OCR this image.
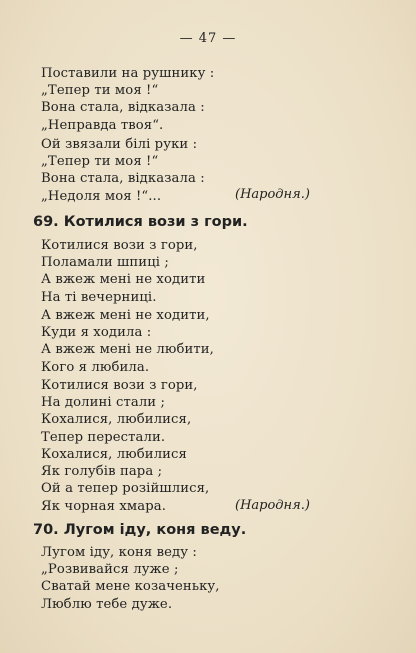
— 47 —
Поставили на рушнику :
„Тепер ти моя !“
Вона стала, відказала :
„Неправда твоя“.
Ой звязали білі руки :
„Тепер ти моя !“
Вона стала, відказала :
„Недоля моя !“...	(Народня.)
69. Котилися вози з гори.
Котилися вози з гори,
Поламали шпиці ;
А вжеж мені не ходити
На ті вечерниці.
А вжеж мені не ходити,
Куди я ходила :
А вжеж мені не любити,
Кого я любила.
Котилися вози з гори,
На долині стали ;
Кохалися, любилися,
Тепер перестали.
Кохалися, любилися
Як голубів пара ;
Ой а тепер розійшлися,
Як чорная хмара.	(Народня.)
70. Лугом іду, коня веду.
Лугом іду, коня веду :
„Розвивайся луже ;
Сватай мене козаченьку,
Люблю тебе дуже.
